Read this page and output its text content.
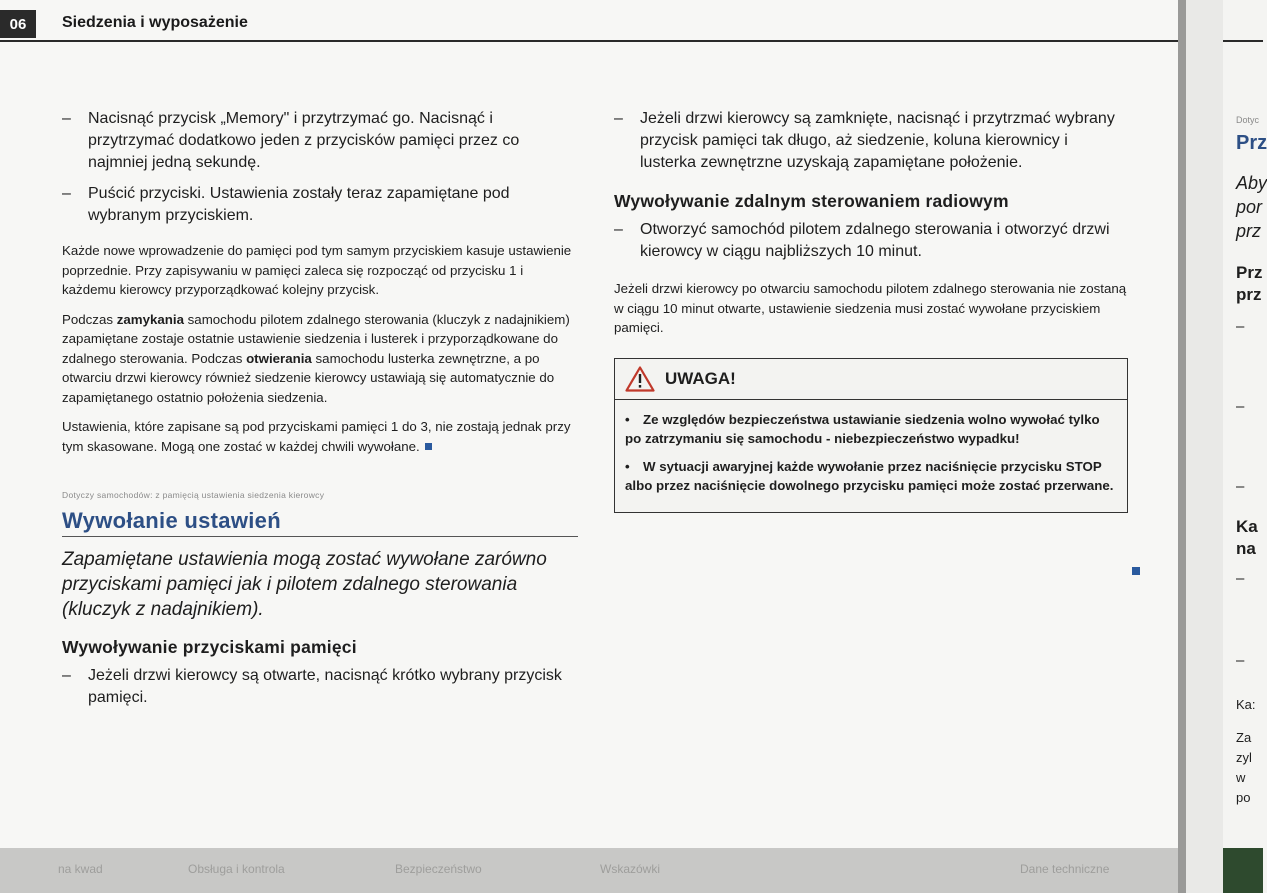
06	Siedzenia i wyposażenie
– Nacisnąć przycisk „Memory" i przytrzymać go. Nacisnąć i przytrzymać dodatkowo jeden z przycisków pamięci przez co najmniej jedną sekundę.
– Puścić przyciski. Ustawienia zostały teraz zapamiętane pod wybranym przyciskiem.

Każde nowe wprowadzenie do pamięci pod tym samym przyciskiem kasuje ustawienie poprzednie. Przy zapisywaniu w pamięci zaleca się rozpocząć od przycisku 1 i każdemu kierowcy przyporządkować kolejny przycisk.

Podczas zamykania samochodu pilotem zdalnego sterowania (kluczyk z nadajnikiem) zapamiętane zostaje ostatnie ustawienie siedzenia i lusterek i przyporządkowane do zdalnego sterowania. Podczas otwierania samochodu lusterka zewnętrzne, a po otwarciu drzwi kierowcy również siedzenie kierowcy ustawiają się automatycznie do zapamiętanego ostatnio położenia siedzenia.

Ustawienia, które zapisane są pod przyciskami pamięci 1 do 3, nie zostają jednak przy tym skasowane. Mogą one zostać w każdej chwili wywołane.

Dotyczy samochodów: z pamięcią ustawienia siedzenia kierowcy
Wywołanie ustawień

Zapamiętane ustawienia mogą zostać wywołane zarówno przyciskami pamięci jak i pilotem zdalnego sterowania (kluczyk z nadajnikiem).

Wywoływanie przyciskami pamięci
– Jeżeli drzwi kierowcy są otwarte, nacisnąć krótko wybrany przycisk pamięci.
– Jeżeli drzwi kierowcy są zamknięte, nacisnąć i przytrzmać wybrany przycisk pamięci tak długo, aż siedzenie, koluna kierownicy i lusterka zewnętrzne uzyskają zapamiętane położenie.
Wywoływanie zdalnym sterowaniem radiowym
– Otworzyć samochód pilotem zdalnego sterowania i otworzyć drzwi kierowcy w ciągu najbliższych 10 minut.

Jeżeli drzwi kierowcy po otwarciu samochodu pilotem zdalnego sterowania nie zostaną w ciągu 10 minut otwarte, ustawienie siedzenia musi zostać wywołane przyciskiem pamięci.

UWAGA!

• Ze względów bezpieczeństwa ustawianie siedzenia wolno wywołać tylko po zatrzymaniu się samochodu - niebezpieczeństwo wypadku!

• W sytuacji awaryjnej każde wywołanie przez naciśnięcie przycisku STOP albo przez naciśnięcie dowolnego przycisku pamięci może zostać przerwane.

na kwad	Obsługa i kontrola	Bezpieczeństwo	Wskazówki	Dane techniczne
Dotyc
Prz
Aby
por
prz
Prz
prz
–
–
–
Ka
na
–
–
Ka:
Za
zyl
w
po
